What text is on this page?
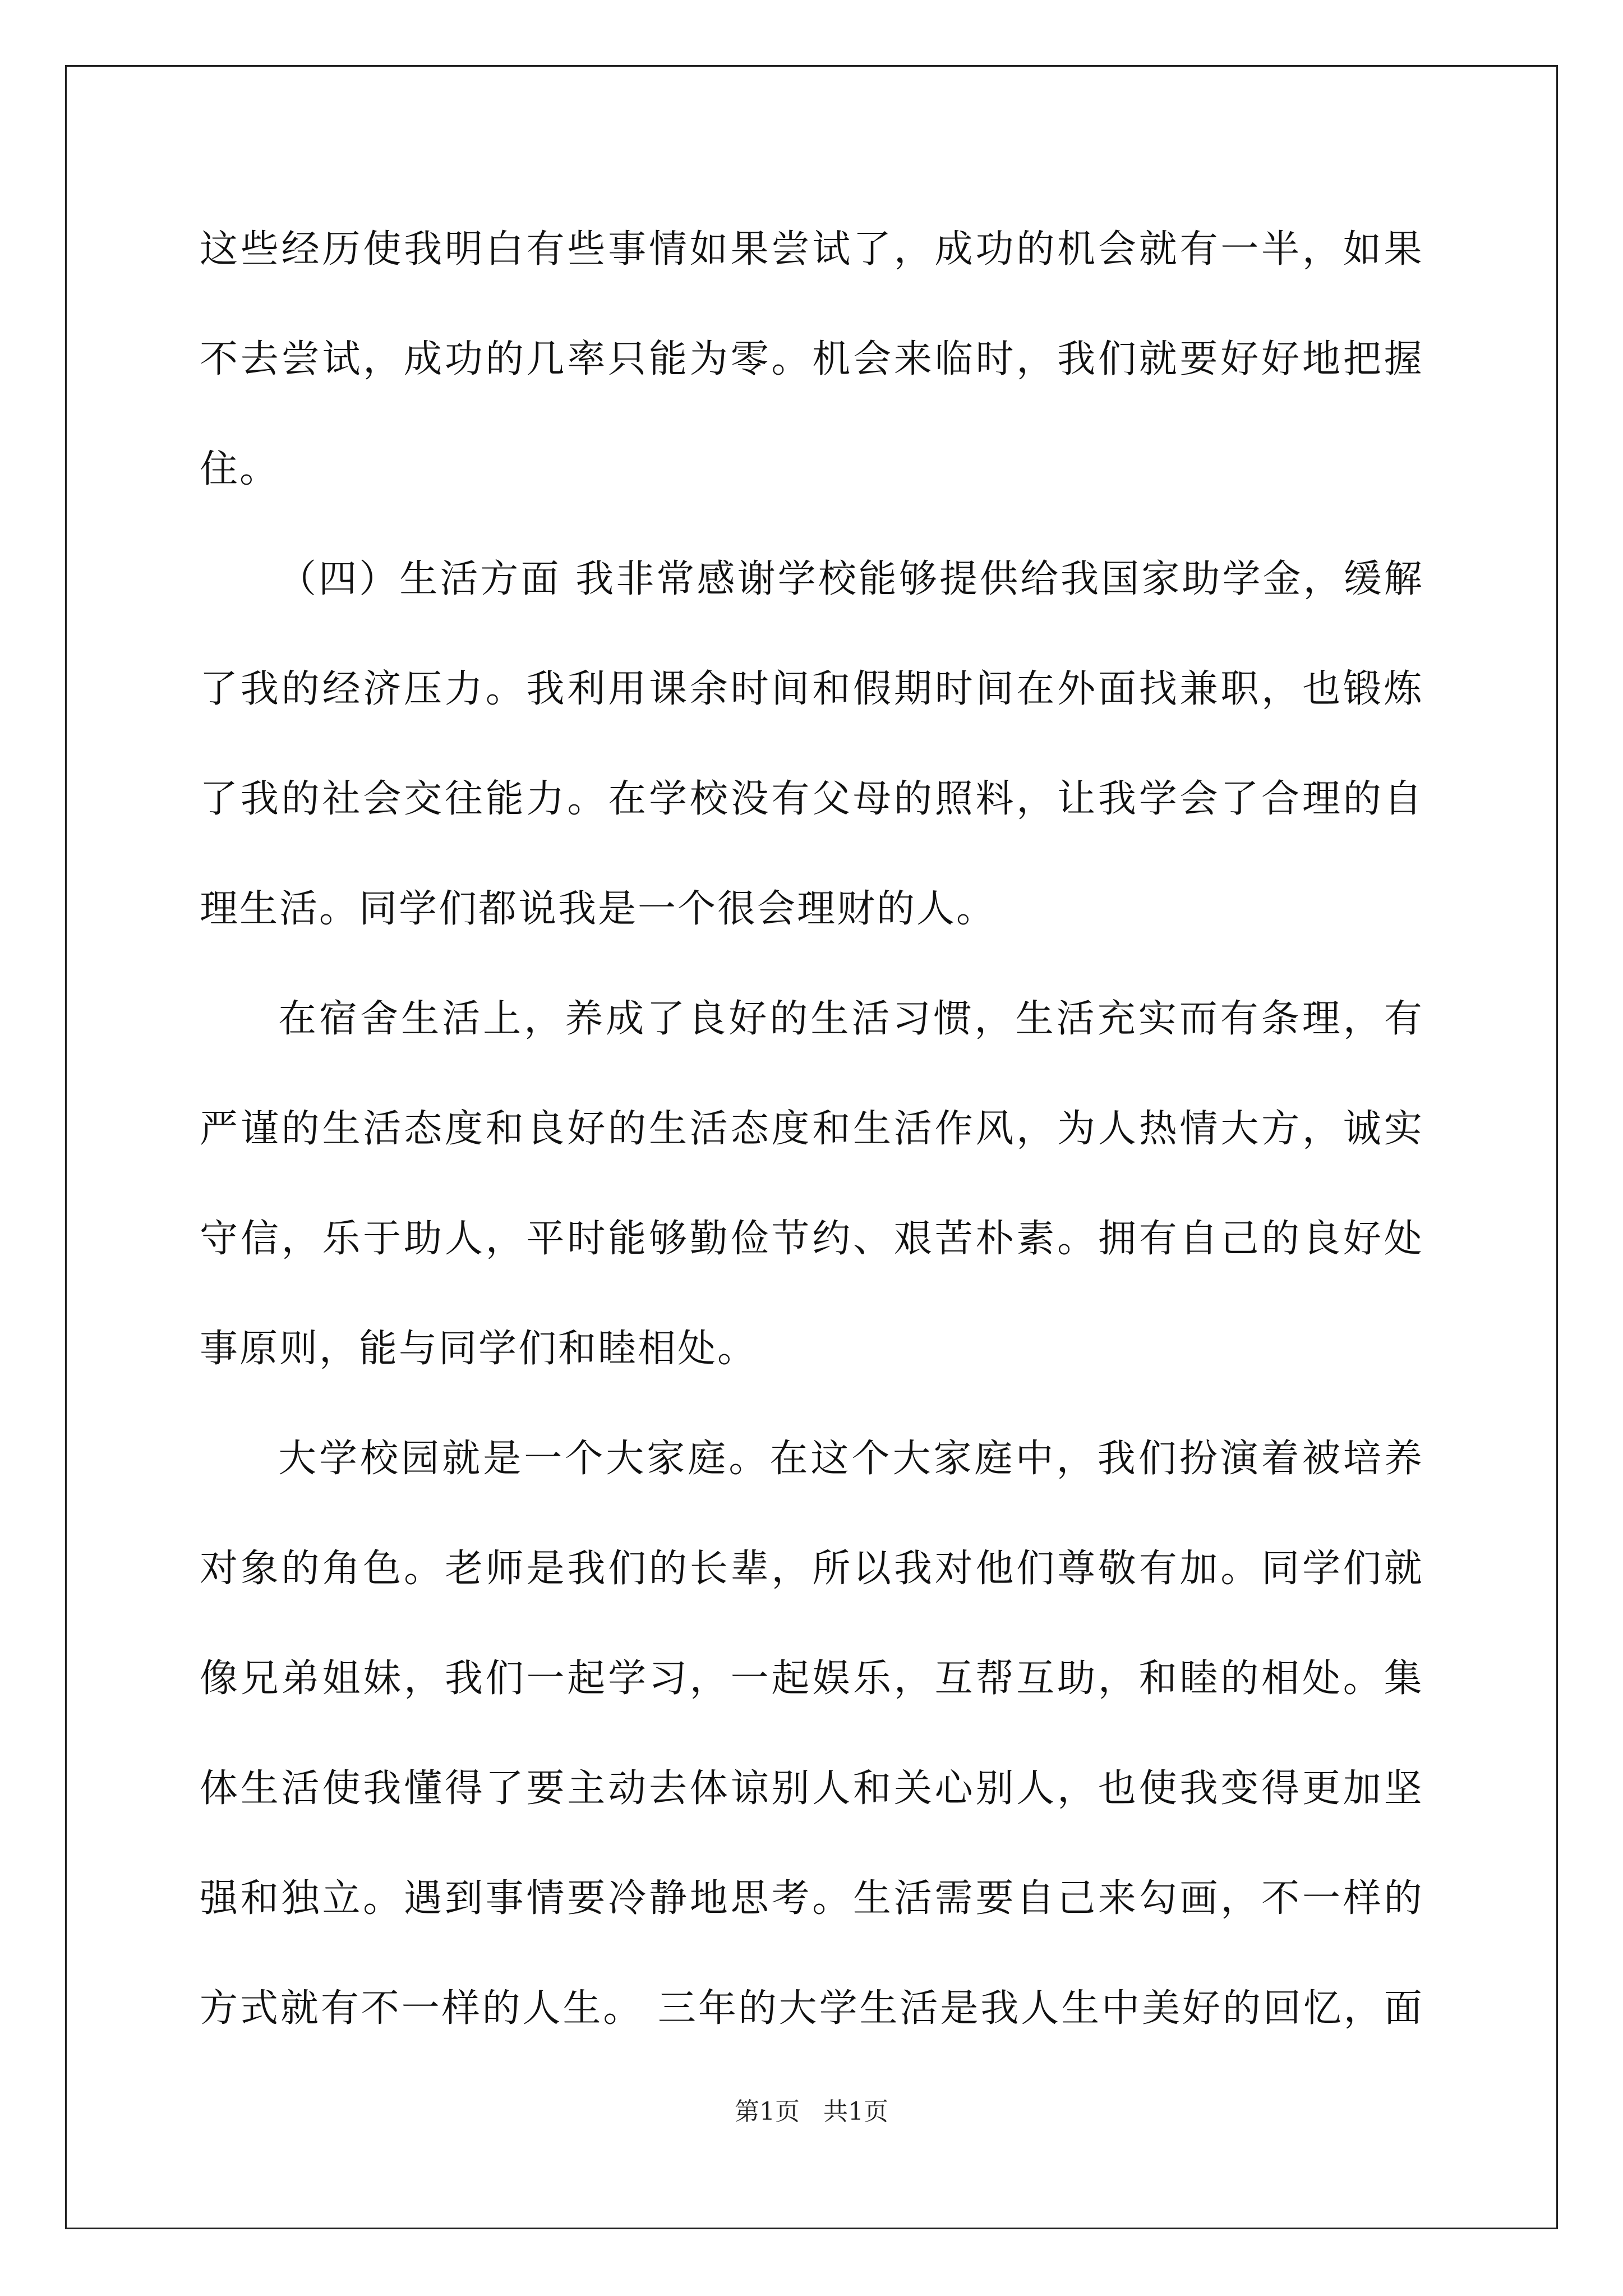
这 些 经 历 使 我 明 白 有 些 事 情 如 果 尝 试 了 ， 成 功 的 机 会 就 有 一 半 ， 如 果
不 去 尝 试 ， 成 功 的 几 率 只 能 为 零 。 机 会 来 临 时 ， 我 们 就 要 好 好 地 把 握
住。
（ 四 ） 生 活 方 面
我 非 常 感 谢 学 校 能 够 提 供 给 我 国 家 助 学 金 ， 缓 解
了 我 的 经 济 压 力 。 我 利 用 课 余 时 间 和 假 期 时 间 在 外 面 找 兼 职 ， 也 锻 炼
了 我 的 社 会 交 往 能 力 。 在 学 校 没 有 父 母 的 照 料 ， 让 我 学 会 了 合 理 的 自
理生活。同学们都说我是一个很会理财的人。
在 宿 舍 生 活 上 ， 养 成 了 良 好 的 生 活 习 惯 ， 生 活 充 实 而 有 条 理 ， 有
严 谨 的 生 活 态 度 和 良 好 的 生 活 态 度 和 生 活 作 风 ， 为 人 热 情 大 方 ， 诚 实
守 信 ， 乐 于 助 人 ， 平 时 能 够 勤 俭 节 约 、 艰 苦 朴 素 。 拥 有 自 己 的 良 好 处
事原则，能与同学们和睦相处。
大 学 校 园 就 是 一 个 大 家 庭 。 在 这 个 大 家 庭 中 ， 我 们 扮 演 着 被 培 养
对 象 的 角 色 。 老 师 是 我 们 的 长 辈 ， 所 以 我 对 他 们 尊 敬 有 加 。 同 学 们 就
像 兄 弟 姐 妹 ， 我 们 一 起 学 习 ， 一 起 娱 乐 ， 互 帮 互 助 ， 和 睦 的 相 处 。 集
体 生 活 使 我 懂 得 了 要 主 动 去 体 谅 别 人 和 关 心 别 人 ， 也 使 我 变 得 更 加 坚
强 和 独 立 。 遇 到 事 情 要 冷 静 地 思 考 。 生 活 需 要 自 己 来 勾 画 ， 不 一 样 的
方 式 就 有 不 一 样 的 人 生 。
三 年 的 大 学 生 活 是 我 人 生 中 美 好 的 回 忆 ， 面
第1页 共1页
